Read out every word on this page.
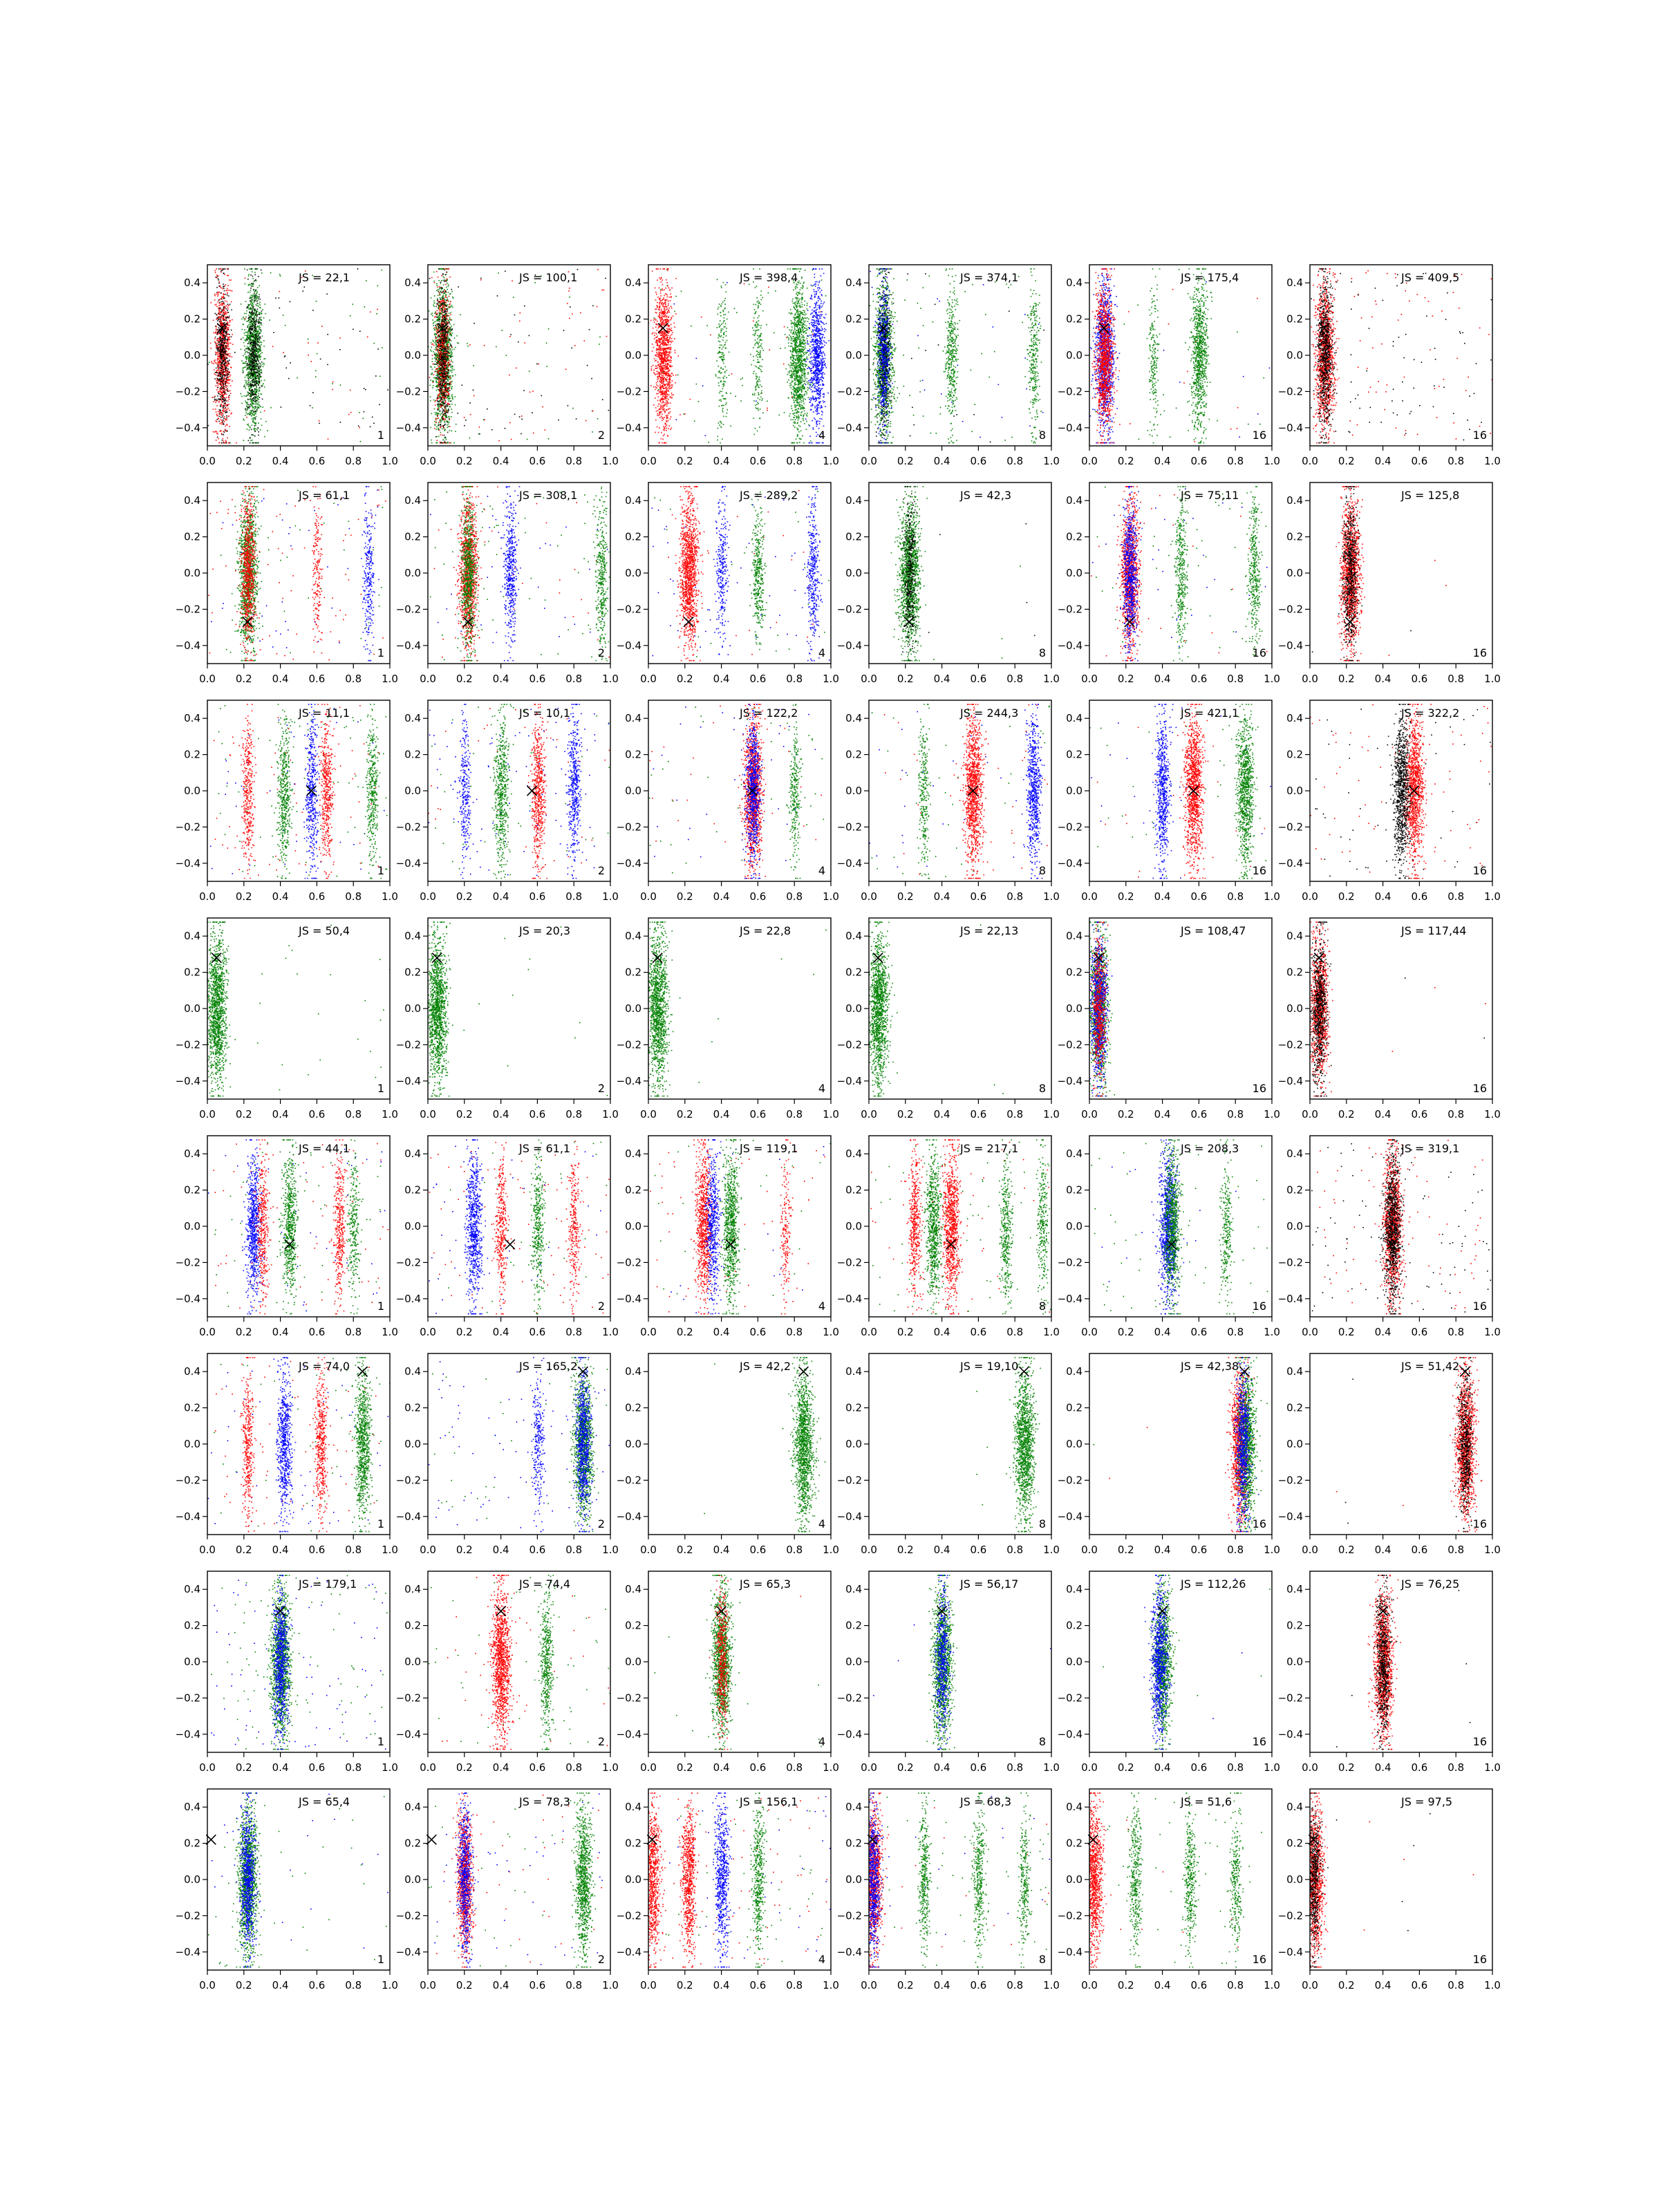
0.0 0.2 0.4 0.6 0.8 1.0
−0.4
−0.2
0.0
0.2
0.4	JS = 22,1
1
0.0 0.2 0.4 0.6 0.8 1.0
−0.4
−0.2
0.0
0.2
0.4	JS = 100,1
2
0.0 0.2 0.4 0.6 0.8 1.0
−0.4
−0.2
0.0
0.2
0.4	JS = 398,4
4
0.0 0.2 0.4 0.6 0.8 1.0
−0.4
−0.2
0.0
0.2
0.4	JS = 374,1
8
0.0 0.2 0.4 0.6 0.8 1.0
−0.4
−0.2
0.0
0.2
0.4	JS = 175,4
16
0.0 0.2 0.4 0.6 0.8 1.0
−0.4
−0.2
0.0
0.2
0.4	JS = 409,5
16
0.0 0.2 0.4 0.6 0.8 1.0
−0.4
−0.2
0.0
0.2
0.4	JS = 61,1
1
0.0 0.2 0.4 0.6 0.8 1.0
−0.4
−0.2
0.0
0.2
0.4	JS = 308,1
2
0.0 0.2 0.4 0.6 0.8 1.0
−0.4
−0.2
0.0
0.2
0.4	JS = 289,2
4
0.0 0.2 0.4 0.6 0.8 1.0
−0.4
−0.2
0.0
0.2
0.4	JS = 42,3
8
0.0 0.2 0.4 0.6 0.8 1.0
−0.4
−0.2
0.0
0.2
0.4	JS = 75,11
16
0.0 0.2 0.4 0.6 0.8 1.0
−0.4
−0.2
0.0
0.2
0.4	JS = 125,8
16
0.0 0.2 0.4 0.6 0.8 1.0
−0.4
−0.2
0.0
0.2
0.4	JS = 11,1
1
0.0 0.2 0.4 0.6 0.8 1.0
−0.4
−0.2
0.0
0.2
0.4	JS = 10,1
2
0.0 0.2 0.4 0.6 0.8 1.0
−0.4
−0.2
0.0
0.2
0.4	JS = 122,2
4
0.0 0.2 0.4 0.6 0.8 1.0
−0.4
−0.2
0.0
0.2
0.4	JS = 244,3
8
0.0 0.2 0.4 0.6 0.8 1.0
−0.4
−0.2
0.0
0.2
0.4	JS = 421,1
16
0.0 0.2 0.4 0.6 0.8 1.0
−0.4
−0.2
0.0
0.2
0.4	JS = 322,2
16
0.0 0.2 0.4 0.6 0.8 1.0
−0.4
−0.2
0.0
0.2
0.4	JS = 50,4
1
0.0 0.2 0.4 0.6 0.8 1.0
−0.4
−0.2
0.0
0.2
0.4	JS = 20,3
2
0.0 0.2 0.4 0.6 0.8 1.0
−0.4
−0.2
0.0
0.2
0.4	JS = 22,8
4
0.0 0.2 0.4 0.6 0.8 1.0
−0.4
−0.2
0.0
0.2
0.4	JS = 22,13
8
0.0 0.2 0.4 0.6 0.8 1.0
−0.4
−0.2
0.0
0.2
0.4	JS = 108,47
16
0.0 0.2 0.4 0.6 0.8 1.0
−0.4
−0.2
0.0
0.2
0.4	JS = 117,44
16
0.0 0.2 0.4 0.6 0.8 1.0
−0.4
−0.2
0.0
0.2
0.4	JS = 44,1
1
0.0 0.2 0.4 0.6 0.8 1.0
−0.4
−0.2
0.0
0.2
0.4	JS = 61,1
2
0.0 0.2 0.4 0.6 0.8 1.0
−0.4
−0.2
0.0
0.2
0.4	JS = 119,1
4
0.0 0.2 0.4 0.6 0.8 1.0
−0.4
−0.2
0.0
0.2
0.4	JS = 217,1
8
0.0 0.2 0.4 0.6 0.8 1.0
−0.4
−0.2
0.0
0.2
0.4	JS = 208,3
16
0.0 0.2 0.4 0.6 0.8 1.0
−0.4
−0.2
0.0
0.2
0.4	JS = 319,1
16
0.0 0.2 0.4 0.6 0.8 1.0
−0.4
−0.2
0.0
0.2
0.4	JS = 74,0
1
0.0 0.2 0.4 0.6 0.8 1.0
−0.4
−0.2
0.0
0.2
0.4	JS = 165,2
2
0.0 0.2 0.4 0.6 0.8 1.0
−0.4
−0.2
0.0
0.2
0.4	JS = 42,2
4
0.0 0.2 0.4 0.6 0.8 1.0
−0.4
−0.2
0.0
0.2
0.4	JS = 19,10
8
0.0 0.2 0.4 0.6 0.8 1.0
−0.4
−0.2
0.0
0.2
0.4	JS = 42,38
16
0.0 0.2 0.4 0.6 0.8 1.0
−0.4
−0.2
0.0
0.2
0.4	JS = 51,42
16
0.0 0.2 0.4 0.6 0.8 1.0
−0.4
−0.2
0.0
0.2
0.4	JS = 179,1
1
0.0 0.2 0.4 0.6 0.8 1.0
−0.4
−0.2
0.0
0.2
0.4	JS = 74,4
2
0.0 0.2 0.4 0.6 0.8 1.0
−0.4
−0.2
0.0
0.2
0.4	JS = 65,3
4
0.0 0.2 0.4 0.6 0.8 1.0
−0.4
−0.2
0.0
0.2
0.4	JS = 56,17
8
0.0 0.2 0.4 0.6 0.8 1.0
−0.4
−0.2
0.0
0.2
0.4	JS = 112,26
16
0.0 0.2 0.4 0.6 0.8 1.0
−0.4
−0.2
0.0
0.2
0.4	JS = 76,25
16
0.0 0.2 0.4 0.6 0.8 1.0
−0.4
−0.2
0.0
0.2
0.4	JS = 65,4
1
0.0 0.2 0.4 0.6 0.8 1.0
−0.4
−0.2
0.0
0.2
0.4	JS = 78,3
2
0.0 0.2 0.4 0.6 0.8 1.0
−0.4
−0.2
0.0
0.2
0.4	JS = 156,1
4
0.0 0.2 0.4 0.6 0.8 1.0
−0.4
−0.2
0.0
0.2
0.4	JS = 68,3
8
0.0 0.2 0.4 0.6 0.8 1.0
−0.4
−0.2
0.0
0.2
0.4	JS = 51,6
16
0.0 0.2 0.4 0.6 0.8 1.0
−0.4
−0.2
0.0
0.2
0.4	JS = 97,5
16
